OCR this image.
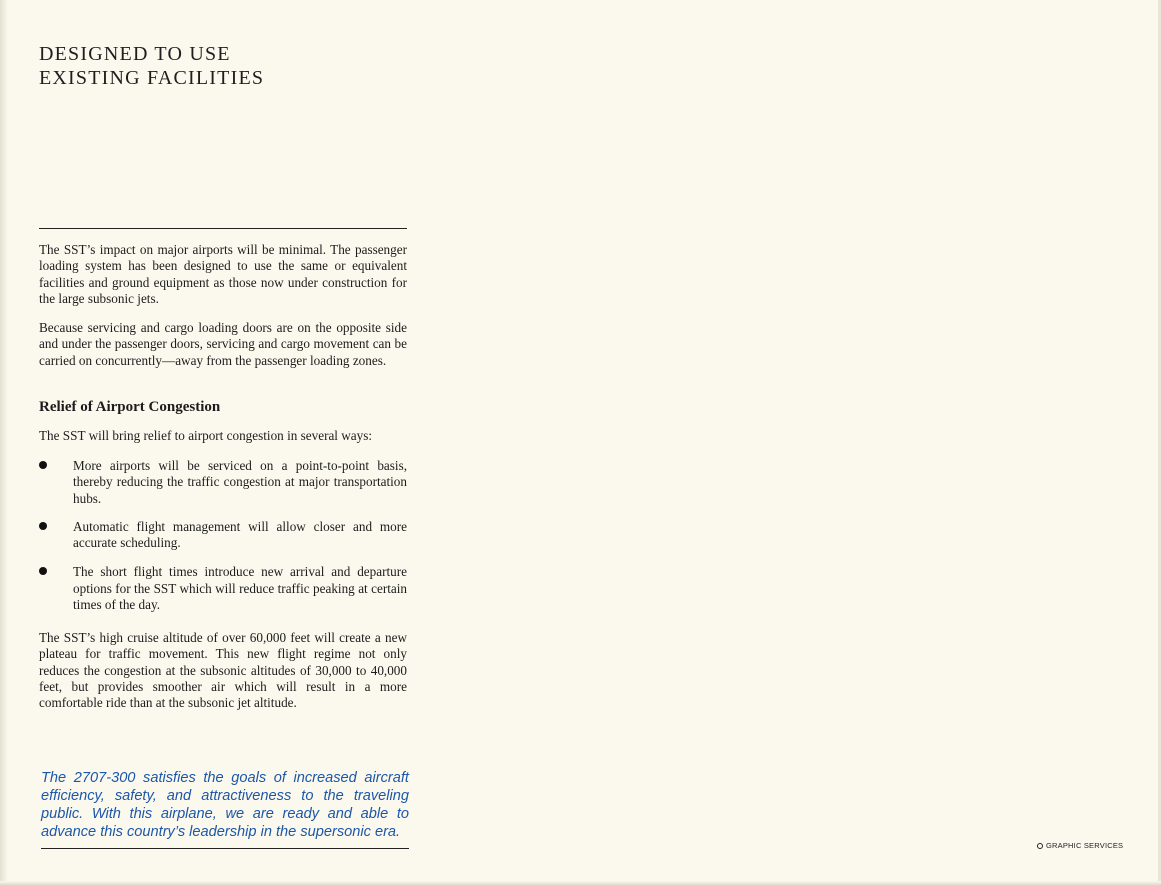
DESIGNED TO USE
EXISTING FACILITIES

The SST’s impact on major airports will be minimal. The passenger loading system has been designed to use the same or equivalent facilities and ground equipment as those now under construction for the large subsonic jets.

Because servicing and cargo loading doors are on the opposite side and under the passenger doors, servicing and cargo movement can be carried on concurrently—away from the passenger loading zones.

Relief of Airport Congestion

The SST will bring relief to airport congestion in several ways:

More airports will be serviced on a point-to-point basis, thereby reducing the traffic congestion at major transportation hubs.
Automatic flight management will allow closer and more accurate scheduling.
The short flight times introduce new arrival and departure options for the SST which will reduce traffic peaking at certain times of the day.

The SST’s high cruise altitude of over 60,000 feet will create a new plateau for traffic movement. This new flight regime not only reduces the congestion at the subsonic altitudes of 30,000 to 40,000 feet, but provides smoother air which will result in a more comfortable ride than at the subsonic jet altitude.

The 2707-300 satisfies the goals of increased aircraft efficiency, safety, and attractiveness to the traveling public. With this airplane, we are ready and able to advance this country’s leadership in the supersonic era.

GRAPHIC SERVICES
